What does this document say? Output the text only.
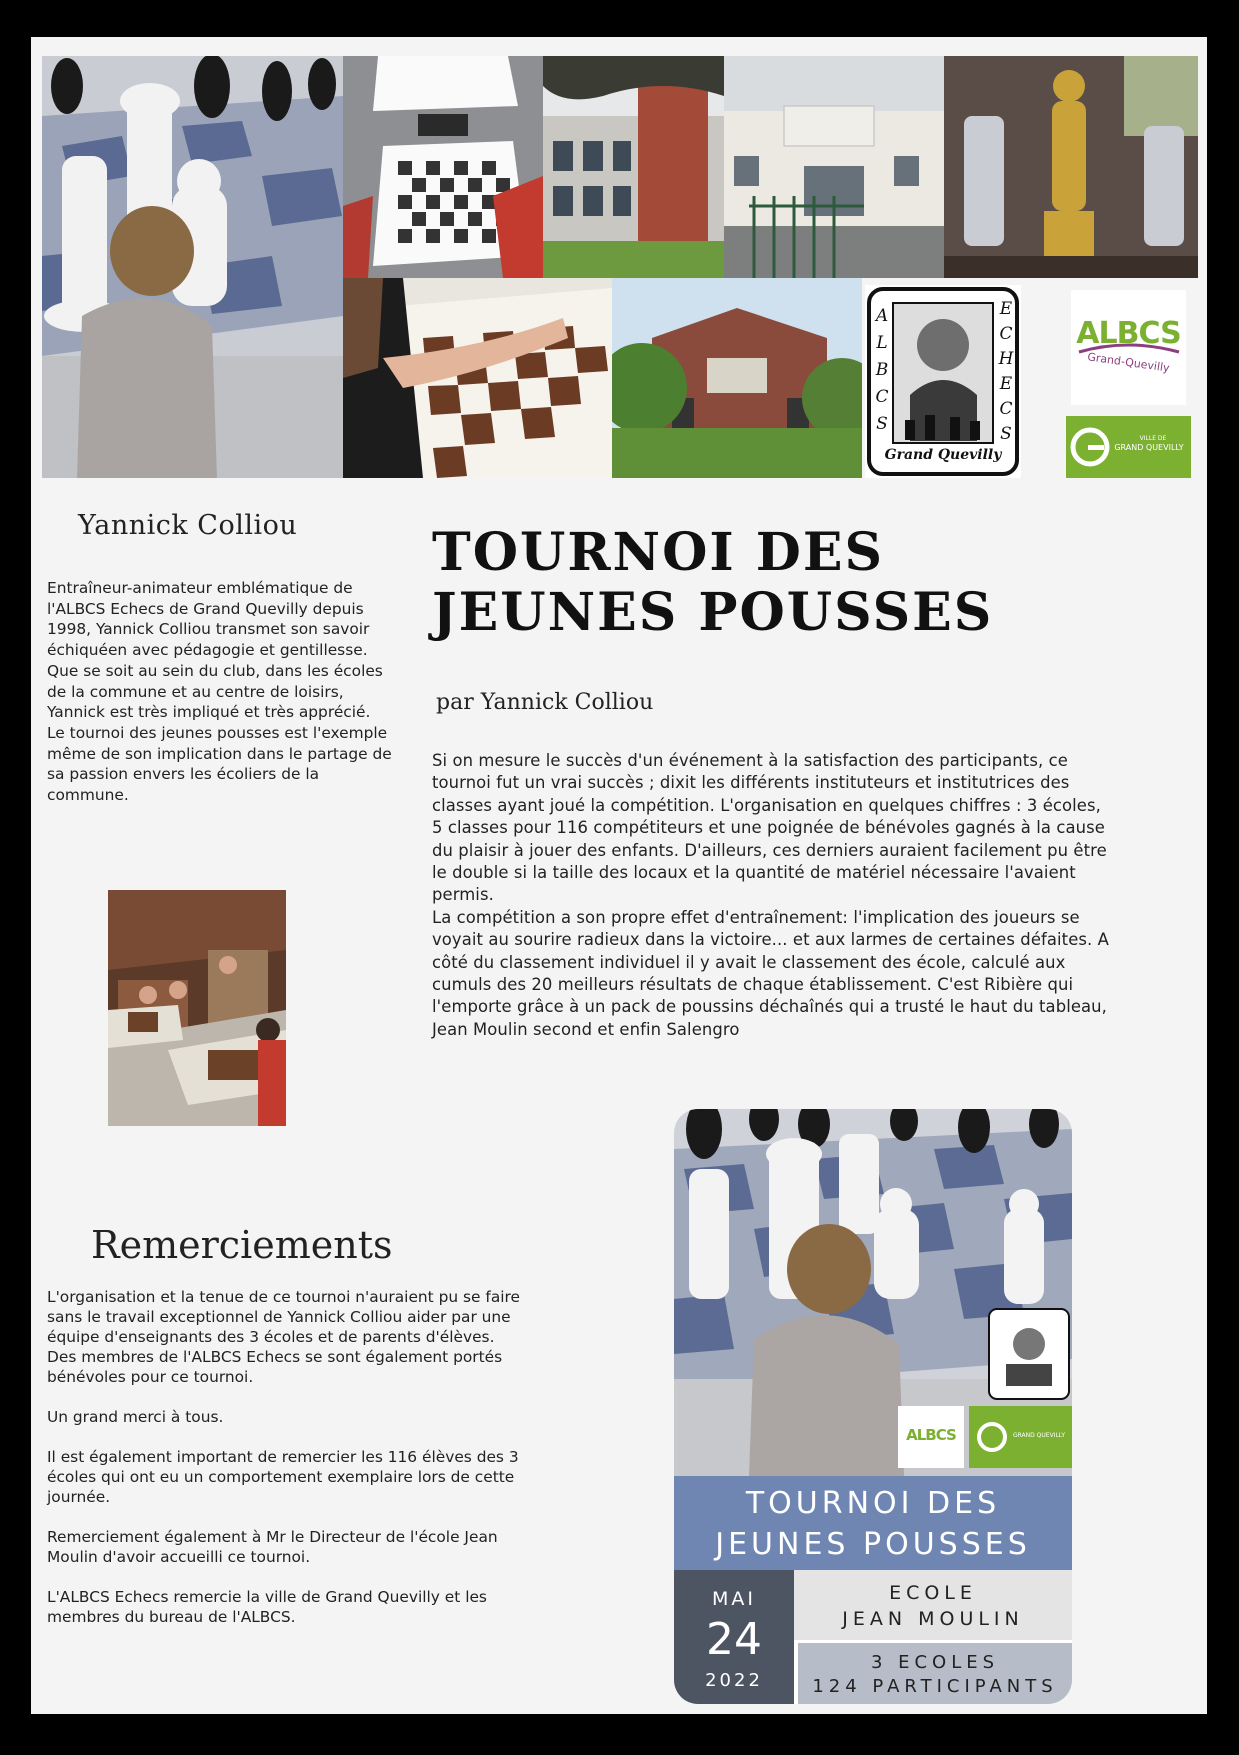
ALBCS
ECHECS
Grand Quevilly
ALBCS
Grand-Quevilly
VILLE DE
GRAND QUEVILLY
Yannick Colliou

Entraîneur-animateur emblématique de l'ALBCS Echecs de Grand Quevilly depuis 1998, Yannick Colliou transmet son savoir échiquéen avec pédagogie et gentillesse.

Que se soit au sein du club, dans les écoles de la commune et au centre de loisirs, Yannick est très impliqué et très apprécié.

Le tournoi des jeunes pousses est l'exemple même de son implication dans le partage de sa passion envers les écoliers de la commune.

Remerciements

L'organisation et la tenue de ce tournoi n'auraient pu se faire sans le travail exceptionnel de Yannick Colliou aider par une équipe d'enseignants des 3 écoles et de parents d'élèves.
Des membres de l'ALBCS Echecs se sont également portés bénévoles pour ce tournoi.

Un grand merci à tous.

Il est également important de remercier les 116 élèves des 3 écoles qui ont eu un comportement exemplaire lors de cette journée.

Remerciement également à Mr le Directeur de l'école Jean Moulin d'avoir accueilli ce tournoi.

L'ALBCS Echecs remercie la ville de Grand Quevilly et les membres du bureau de l'ALBCS.

TOURNOI DES JEUNES POUSSES
par Yannick Colliou

Si on mesure le succès d'un événement à la satisfaction des participants, ce tournoi fut un vrai succès ; dixit les différents instituteurs et institutrices des classes ayant joué la compétition. L'organisation en quelques chiffres : 3 écoles, 5 classes pour 116 compétiteurs et une poignée de bénévoles gagnés à la cause du plaisir à jouer des enfants. D'ailleurs, ces derniers auraient facilement pu être le double si la taille des locaux et la quantité de matériel nécessaire l'avaient permis.

La compétition a son propre effet d'entraînement: l'implication des joueurs se voyait au sourire radieux dans la victoire... et aux larmes de certaines défaites. A côté du classement individuel il y avait le classement des école, calculé aux cumuls des 20 meilleurs résultats de chaque établissement. C'est Ribière qui l'emporte grâce à un pack de poussins déchaînés qui a trusté le haut du tableau, Jean Moulin second et enfin Salengro

ALBCS	GRAND QUEVILLY
TOURNOI DES
JEUNES POUSSES
MAI
24
2022
ECOLE
JEAN MOULIN
3 ECOLES
124 PARTICIPANTS
